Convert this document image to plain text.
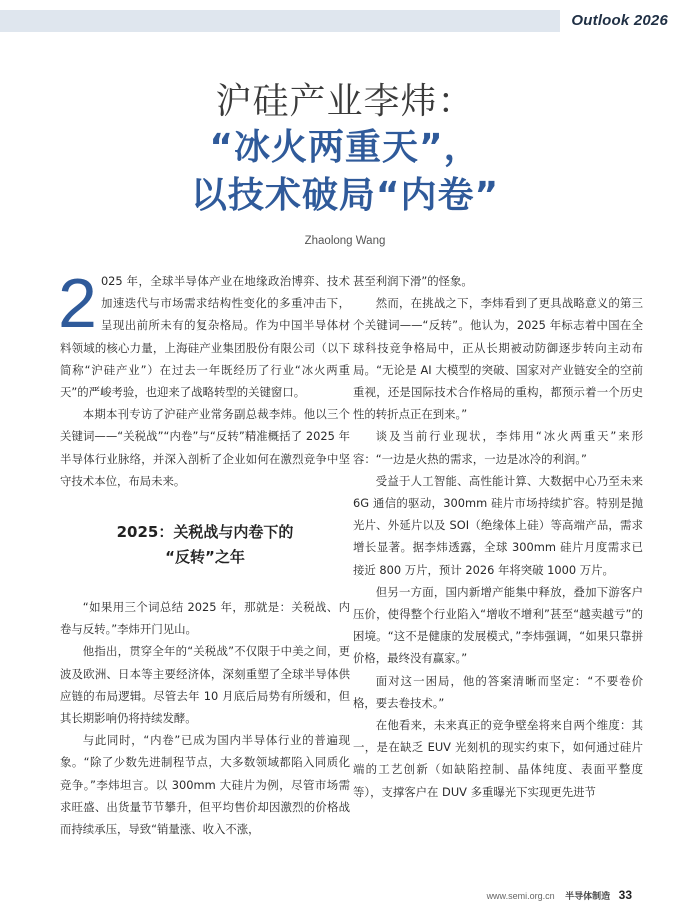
Outlook 2026
沪硅产业李炜：
“冰火两重天”，
以技术破局“内卷”
Zhaolong Wang

2 025 年，全球半导体产业在地缘政治博弈、技术加速迭代与市场需求结构性变化的多重冲击下，呈现出前所未有的复杂格局。作为中国半导体材料领域的核心力量，上海硅产业集团股份有限公司（以下简称“沪硅产业”）在过去一年既经历了行业“冰火两重天”的严峻考验，也迎来了战略转型的关键窗口。

本期本刊专访了沪硅产业常务副总裁李炜。他以三个关键词——“关税战”“内卷”与“反转”精准概括了 2025 年半导体行业脉络，并深入剖析了企业如何在激烈竞争中坚守技术本位，布局未来。

2025：关税战与内卷下的
“反转”之年

“如果用三个词总结 2025 年，那就是：关税战、内卷与反转。”李炜开门见山。

他指出，贯穿全年的“关税战”不仅限于中美之间，更波及欧洲、日本等主要经济体，深刻重塑了全球半导体供应链的布局逻辑。尽管去年 10 月底后局势有所缓和，但其长期影响仍将持续发酵。

与此同时，“内卷”已成为国内半导体行业的普遍现象。“除了少数先进制程节点，大多数领域都陷入同质化竞争。”李炜坦言。以 300mm 大硅片为例，尽管市场需求旺盛、出货量节节攀升，但平均售价却因激烈的价格战而持续承压，导致“销量涨、收入不涨，

甚至利润下滑”的怪象。

然而，在挑战之下，李炜看到了更具战略意义的第三个关键词——“反转”。他认为，2025 年标志着中国在全球科技竞争格局中，正从长期被动防御逐步转向主动布局。“无论是 AI 大模型的突破、国家对产业链安全的空前重视，还是国际技术合作格局的重构，都预示着一个历史性的转折点正在到来。”

谈及当前行业现状，李炜用“冰火两重天”来形容：“一边是火热的需求，一边是冰冷的利润。”

受益于人工智能、高性能计算、大数据中心乃至未来 6G 通信的驱动，300mm 硅片市场持续扩容。特别是抛光片、外延片以及 SOI（绝缘体上硅）等高端产品，需求增长显著。据李炜透露，全球 300mm 硅片月度需求已接近 800 万片，预计 2026 年将突破 1000 万片。

但另一方面，国内新增产能集中释放，叠加下游客户压价，使得整个行业陷入“增收不增利”甚至“越卖越亏”的困境。“这不是健康的发展模式，”李炜强调，“如果只靠拼价格，最终没有赢家。”

面对这一困局，他的答案清晰而坚定：“不要卷价格，要去卷技术。”

在他看来，未来真正的竞争壁垒将来自两个维度：其一，是在缺乏 EUV 光刻机的现实约束下，如何通过硅片端的工艺创新（如缺陷控制、晶体纯度、表面平整度等），支撑客户在 DUV 多重曝光下实现更先进节

www.semi.org.cn 半导体制造 33
